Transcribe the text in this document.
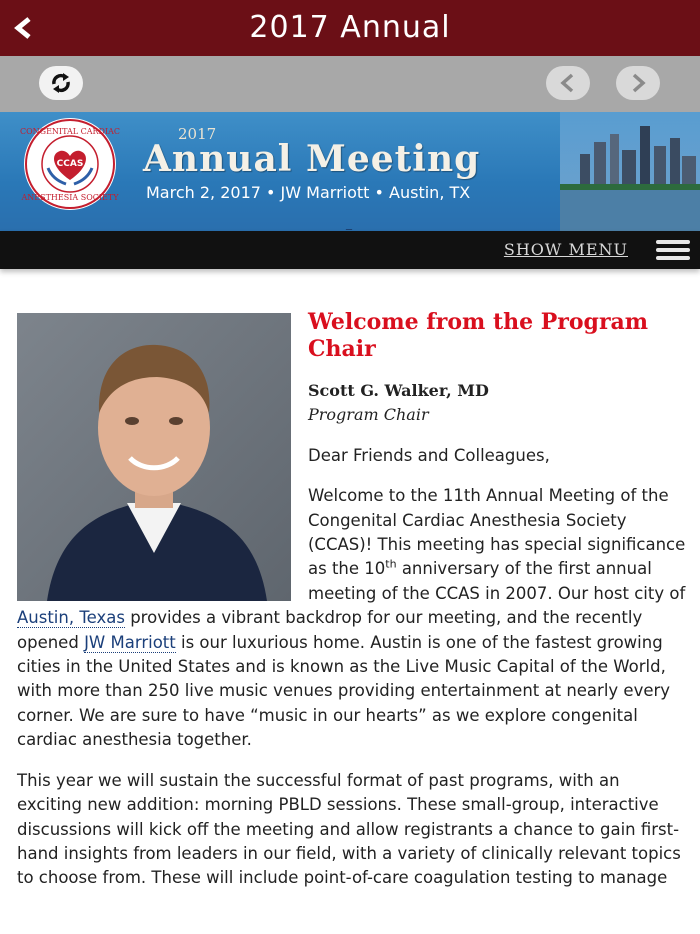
2017 Annual
CCAS
CONGENITAL CARDIAC
ANESTHESIA SOCIETY
2017
Annual Meeting
March 2, 2017 • JW Marriott • Austin, TX
_
SHOW MENU
Welcome from the Program Chair
Scott G. Walker, MD
Program Chair
Dear Friends and Colleagues,
Welcome to the 11th Annual Meeting of the Congenital Cardiac Anesthesia Society (CCAS)! This meeting has special significance as the 10th anniversary of the first annual meeting of the CCAS in 2007. Our host city of Austin, Texas provides a vibrant backdrop for our meeting, and the recently opened JW Marriott is our luxurious home. Austin is one of the fastest growing cities in the United States and is known as the Live Music Capital of the World, with more than 250 live music venues providing entertainment at nearly every corner. We are sure to have “music in our hearts” as we explore congenital cardiac anesthesia together.
This year we will sustain the successful format of past programs, with an exciting new addition: morning PBLD sessions. These small-group, interactive discussions will kick off the meeting and allow registrants a chance to gain first-hand insights from leaders in our field, with a variety of clinically relevant topics to choose from. These will include point-of-care coagulation testing to manage
